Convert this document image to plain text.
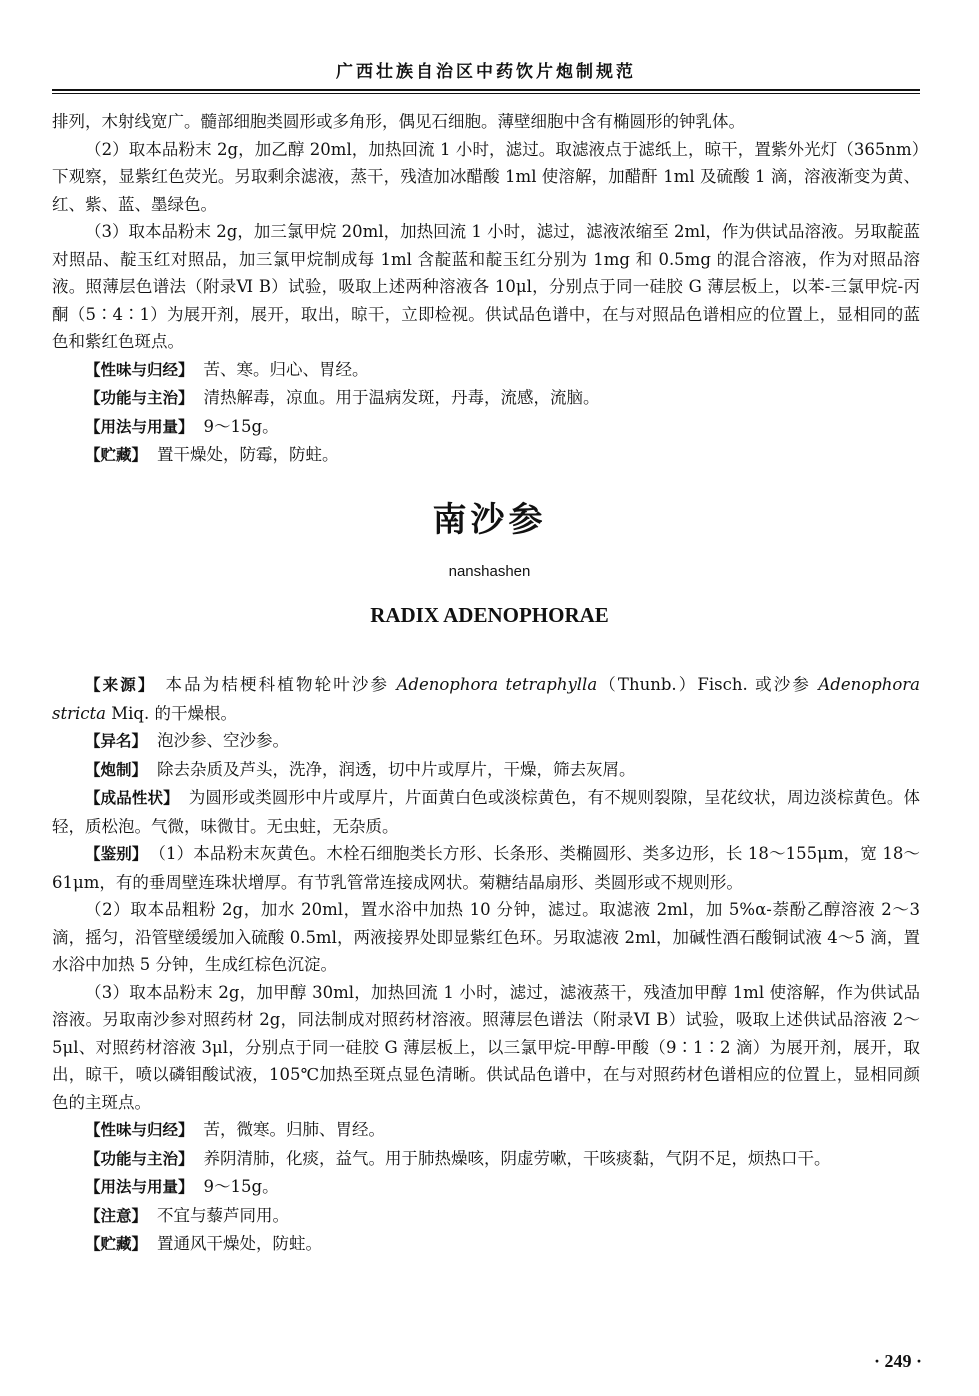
广西壮族自治区中药饮片炮制规范

排列，木射线宽广。髓部细胞类圆形或多角形，偶见石细胞。薄壁细胞中含有椭圆形的钟乳体。

（2）取本品粉末 2g，加乙醇 20ml，加热回流 1 小时，滤过。取滤液点于滤纸上，晾干，置紫外光灯（365nm）下观察，显紫红色荧光。另取剩余滤液，蒸干，残渣加冰醋酸 1ml 使溶解，加醋酐 1ml 及硫酸 1 滴，溶液渐变为黄、红、紫、蓝、墨绿色。

（3）取本品粉末 2g，加三氯甲烷 20ml，加热回流 1 小时，滤过，滤液浓缩至 2ml，作为供试品溶液。另取靛蓝对照品、靛玉红对照品，加三氯甲烷制成每 1ml 含靛蓝和靛玉红分别为 1mg 和 0.5mg 的混合溶液，作为对照品溶液。照薄层色谱法（附录Ⅵ B）试验，吸取上述两种溶液各 10μl，分别点于同一硅胶 G 薄层板上，以苯-三氯甲烷-丙酮（5∶4∶1）为展开剂，展开，取出，晾干，立即检视。供试品色谱中，在与对照品色谱相应的位置上，显相同的蓝色和紫红色斑点。

【性味与归经】 苦、寒。归心、胃经。

【功能与主治】 清热解毒，凉血。用于温病发斑，丹毒，流感，流脑。

【用法与用量】 9～15g。

【贮藏】 置干燥处，防霉，防蛀。

南沙参
nanshashen
RADIX ADENOPHORAE

【来源】 本品为桔梗科植物轮叶沙参 Adenophora tetraphylla（Thunb.）Fisch. 或沙参 Adenophora stricta Miq. 的干燥根。

【异名】 泡沙参、空沙参。

【炮制】 除去杂质及芦头，洗净，润透，切中片或厚片，干燥，筛去灰屑。

【成品性状】 为圆形或类圆形中片或厚片，片面黄白色或淡棕黄色，有不规则裂隙，呈花纹状，周边淡棕黄色。体轻，质松泡。气微，味微甘。无虫蛀，无杂质。

【鉴别】 （1）本品粉末灰黄色。木栓石细胞类长方形、长条形、类椭圆形、类多边形，长 18～155μm，宽 18～61μm，有的垂周壁连珠状增厚。有节乳管常连接成网状。菊糖结晶扇形、类圆形或不规则形。

（2）取本品粗粉 2g，加水 20ml，置水浴中加热 10 分钟，滤过。取滤液 2ml，加 5%α-萘酚乙醇溶液 2～3 滴，摇匀，沿管壁缓缓加入硫酸 0.5ml，两液接界处即显紫红色环。另取滤液 2ml，加碱性酒石酸铜试液 4～5 滴，置水浴中加热 5 分钟，生成红棕色沉淀。

（3）取本品粉末 2g，加甲醇 30ml，加热回流 1 小时，滤过，滤液蒸干，残渣加甲醇 1ml 使溶解，作为供试品溶液。另取南沙参对照药材 2g，同法制成对照药材溶液。照薄层色谱法（附录Ⅵ B）试验，吸取上述供试品溶液 2～5μl、对照药材溶液 3μl，分别点于同一硅胶 G 薄层板上，以三氯甲烷-甲醇-甲酸（9∶1∶2 滴）为展开剂，展开，取出，晾干，喷以磷钼酸试液，105℃加热至斑点显色清晰。供试品色谱中，在与对照药材色谱相应的位置上，显相同颜色的主斑点。

【性味与归经】 苦，微寒。归肺、胃经。

【功能与主治】 养阴清肺，化痰，益气。用于肺热燥咳，阴虚劳嗽，干咳痰黏，气阴不足，烦热口干。

【用法与用量】 9～15g。

【注意】 不宜与藜芦同用。

【贮藏】 置通风干燥处，防蛀。

· 249 ·
